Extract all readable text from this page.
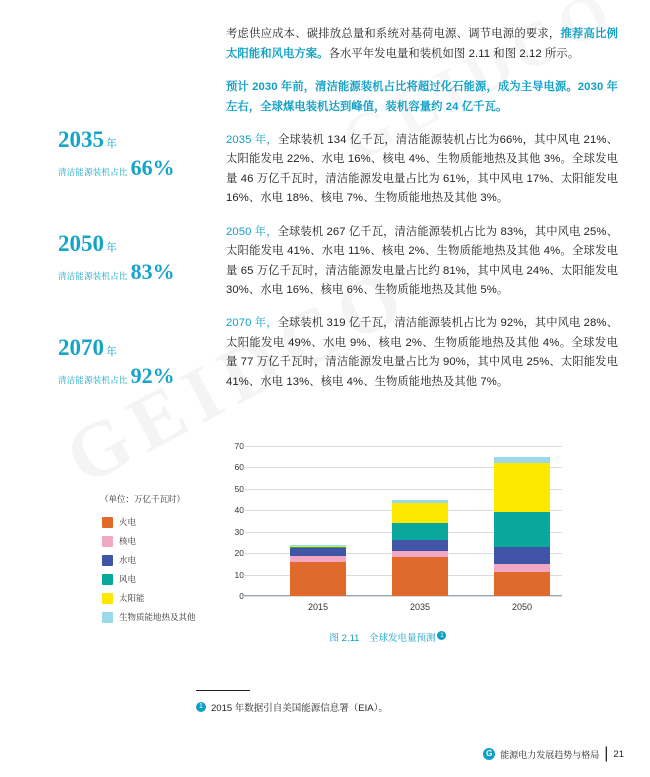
2035 年
清洁能源装机占比 66%
2050 年
清洁能源装机占比 83%
2070 年
清洁能源装机占比 92%

考虑供应成本、碳排放总量和系统对基荷电源、调节电源的要求，推荐高比例太阳能和风电方案。各水平年发电量和装机如图 2.11 和图 2.12 所示。

预计 2030 年前，清洁能源装机占比将超过化石能源，成为主导电源。2030 年左右，全球煤电装机达到峰值，装机容量约 24 亿千瓦。

2035 年，全球装机 134 亿千瓦，清洁能源装机占比为66%，其中风电 21%、太阳能发电 22%、水电 16%、核电 4%、生物质能地热及其他 3%。全球发电量 46 万亿千瓦时，清洁能源发电量占比为 61%，其中风电 17%、太阳能发电 16%、水电 18%、核电 7%、生物质能地热及其他 3%。

2050 年，全球装机 267 亿千瓦，清洁能源装机占比为 83%，其中风电 25%、太阳能发电 41%、水电 11%、核电 2%、生物质能地热及其他 4%。全球发电量 65 万亿千瓦时，清洁能源发电量占比约 81%，其中风电 24%、太阳能发电 30%、水电 16%、核电 6%、生物质能地热及其他 5%。

2070 年，全球装机 319 亿千瓦，清洁能源装机占比为 92%，其中风电 28%、太阳能发电 49%、水电 9%、核电 2%、生物质能地热及其他 4%。全球发电量 77 万亿千瓦时，清洁能源发电量占比为 90%，其中风电 25%、太阳能发电 41%、水电 13%、核电 4%、生物质能地热及其他 7%。

（单位：万亿千瓦时）
火电
核电
水电
风电
太阳能
生物质能地热及其他
0
10
20
30
40
50
60
70
2015	2035	2050
图 2.11　全球发电量预测 1
1 2015 年数据引自美国能源信息署（EIA）。
G 能源电力发展趋势与格局 | 21
